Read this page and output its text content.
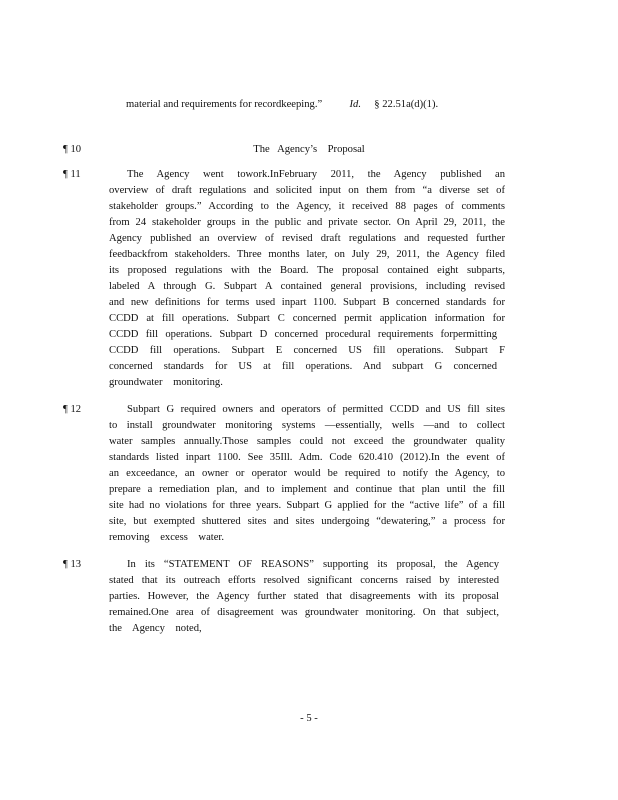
material and requirements for recordkeeping.”	Id. § 22.51a(d)(1).
¶ 10	The   Agency’s    Proposal
¶ 11	The Agency went towork.InFebruary 2011, the Agency published an
overview of draft regulations and solicited input on them from “a diverse set of
stakeholder groups.” According to the Agency, it received 88 pages of comments
from 24 stakeholder groups in the public and private sector. On April 29, 2011, the
Agency published an overview of revised draft regulations and requested further
feedbackfrom stakeholders. Three months later, on July 29, 2011, the Agency filed
its proposed regulations with the Board. The proposal contained eight subparts,
labeled A through G. Subpart A contained general provisions, including revised
and new definitions for terms used inpart 1100. Subpart B concerned standards for
CCDD at fill operations. Subpart C concerned permit application information for
CCDD fill operations. Subpart D concerned procedural requirements forpermitting
CCDD fill operations. Subpart E concerned US fill operations. Subpart F
concerned standards for US at fill operations. And subpart G concerned
groundwater    monitoring.
¶ 12	Subpart G required owners and operators of permitted CCDD and US fill sites
to install groundwater monitoring systems —essentially, wells —and to collect
water samples annually.Those samples could not exceed the groundwater quality
standards listed inpart 1100. See 35Ill. Adm. Code 620.410 (2012).In the event of
an exceedance, an owner or operator would be required to notify the Agency, to
prepare a remediation plan, and to implement and continue that plan until the fill
site had no violations for three years. Subpart G applied for the “active life” of a fill
site, but exempted shuttered sites and sites undergoing “dewatering,” a process for
removing    excess    water.
¶ 13	In its “STATEMENT OF REASONS” supporting its proposal, the Agency
stated that its outreach efforts resolved significant concerns raised by interested
parties. However, the Agency further stated that disagreements with its proposal
remained.One area of disagreement was groundwater monitoring. On that subject,
the    Agency    noted,
- 5 -
